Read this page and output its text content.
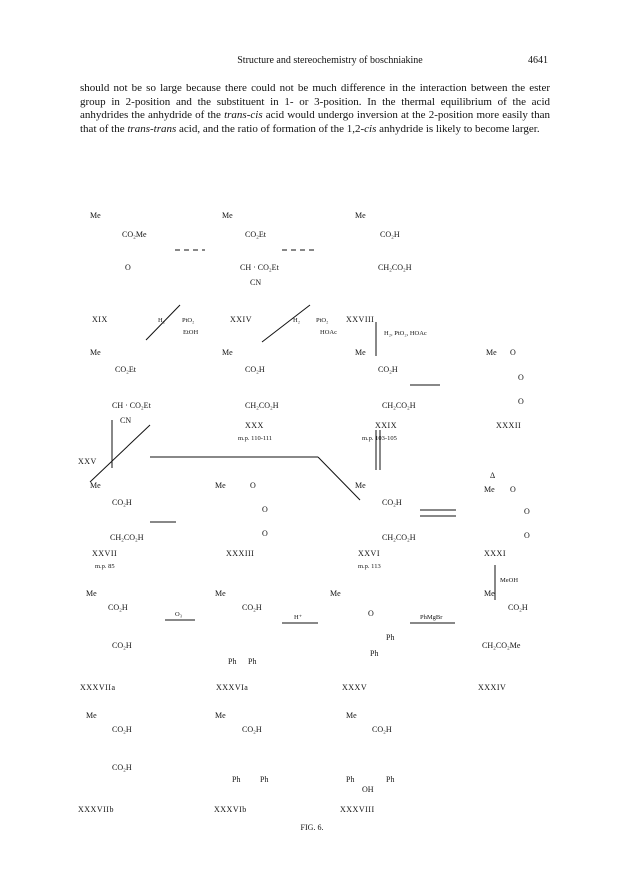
Structure and stereochemistry of boschniakine	4641
should not be so large because there could not be much difference in the interaction between the ester group in 2-position and the substituent in 1- or 3-position. In the thermal equilibrium of the acid anhydrides the anhydride of the trans-cis acid would undergo inversion at the 2-position more easily than that of the trans-trans acid, and the ratio of formation of the 1,2-cis anhydride is likely to become larger.
Me
CO₂Me
O
Me
CO₂Et
CH · CO₂Et
CN
Me
CO₂H
CH₂CO₂H
XIX	XXIV	XXVIII
H₂	PtO₂
EtOH
H₂ PtO₂
HOAc	H₂, PtO₂, HOAc
Me
CO₂Et
CH · CO₂Et
CN
Me
CO₂H
CH₂CO₂H
Me
CO₂H
CH₂CO₂H
Me O
O
O
XXX
m.p. 110-111
XXIX
m.p. 103-105
XXXII
XXV
Me
CO₂H
CH₂CO₂H
Me	O
O
O
Me
CO₂H
CH₂CO₂H
Δ
Me O
O
O
XXVII
m.p. 85
XXXIII	XXVI
m.p. 113
XXXI
MeOH
Me
CO₂H
CO₂H
Me
CO₂H
Ph Ph
Me
O
Ph
Ph
Me
CO₂H
CH₂CO₂Me
O₃	H⁺	PhMgBr
XXXVIIa	XXXVIa	XXXV	XXXIV
Me
CO₂H
CO₂H
Me
CO₂H
Ph Ph
Me
CO₂H
Ph	Ph
OH
XXXVIIb	XXXVIb	XXXVIII
FIG. 6.
